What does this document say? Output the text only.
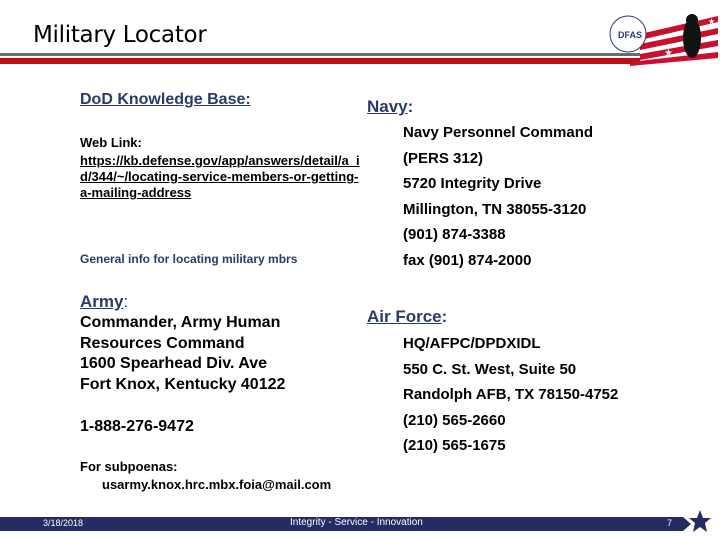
Military Locator
★
★
DFAS
DoD Knowledge Base:
Web Link:
https://kb.defense.gov/app/answers/detail/a_id/344/~/locating-service-members-or-getting-a-mailing-address
General info for locating military mbrs
Navy:
Navy Personnel Command
(PERS 312)
5720 Integrity Drive
Millington, TN 38055-3120
(901) 874-3388
fax (901) 874-2000
Army:
Commander, Army Human
Resources Command
1600 Spearhead Div. Ave
Fort Knox, Kentucky 40122
1-888-276-9472
For subpoenas:
usarmy.knox.hrc.mbx.foia@mail.com
Air Force:
HQ/AFPC/DPDXIDL
550 C. St. West, Suite 50
Randolph AFB, TX 78150-4752
(210) 565-2660
(210) 565-1675
3/18/2018	Integrity - Service - Innovation	7
